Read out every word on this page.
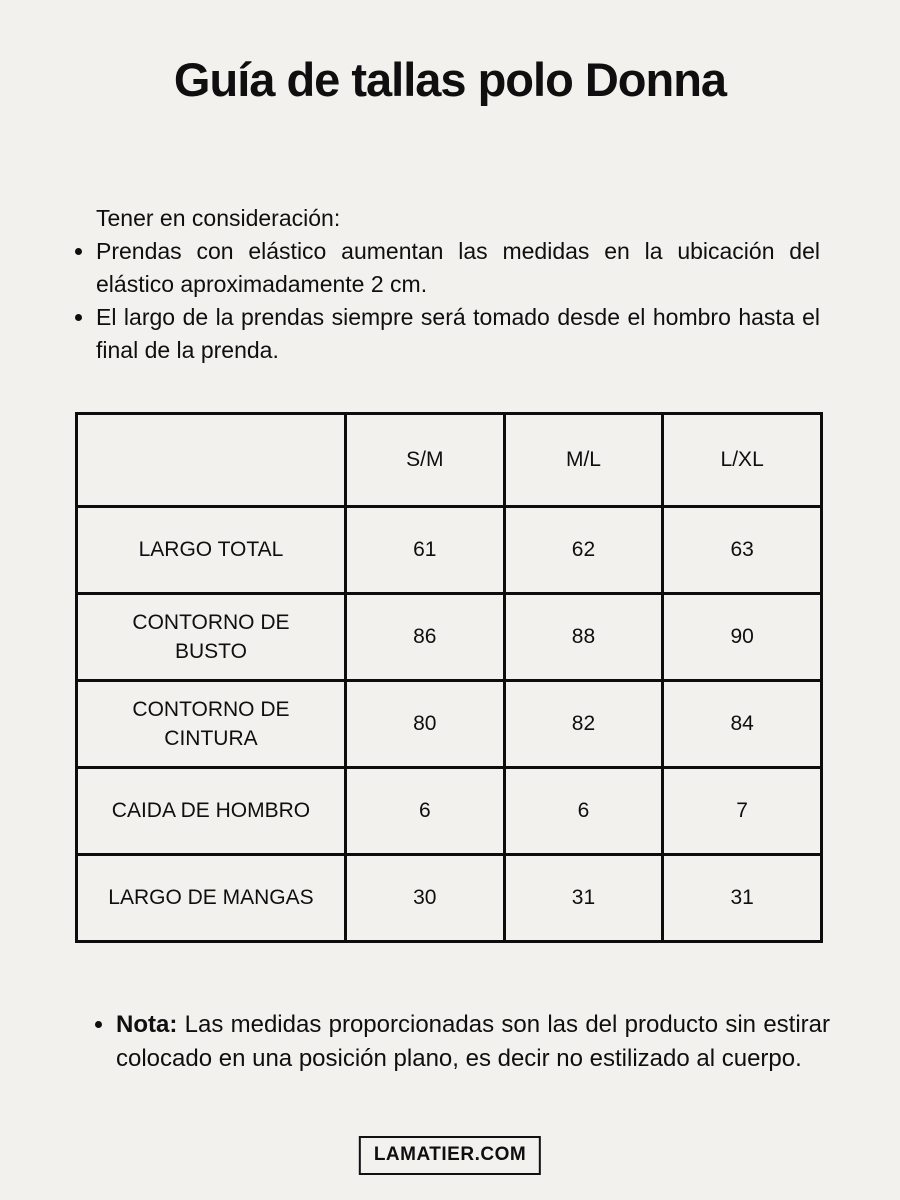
Guía de tallas polo Donna

Tener en consideración:

• Prendas con elástico aumentan las medidas en la ubicación del elástico aproximadamente 2 cm.
• El largo de la prendas siempre será tomado desde el hombro hasta el final de la prenda.
	S/M	M/L	L/XL
LARGO TOTAL	61	62	63
CONTORNO DE BUSTO	86	88	90
CONTORNO DE CINTURA	80	82	84
CAIDA DE HOMBRO	6	6	7
LARGO DE MANGAS	30	31	31
• Nota: Las medidas proporcionadas son las del producto sin estirar colocado en una posición plano, es decir no estilizado al cuerpo.
LAMATIER.COM
